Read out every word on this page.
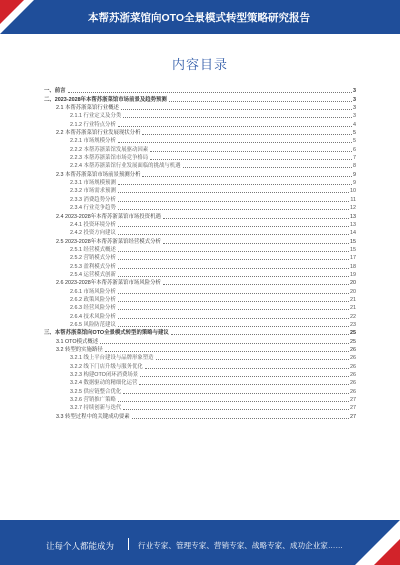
本帮苏浙菜馆向OTO全景模式转型策略研究报告
内容目录
一、前言	3
二、2023-2028年本帮苏浙菜馆市场前景及趋势预测	3
2.1 本帮苏浙菜馆行业概述	3
2.1.1 行业定义及分类	3
2.1.2 行业特点分析	4
2.2 本帮苏浙菜馆行业发展现状分析	5
2.2.1 市场规模分析	5
2.2.2 本帮苏浙菜馆发展驱动因素	6
2.2.3 本帮苏浙菜馆市场竞争格局	7
2.2.4 本帮苏浙菜馆行业发展面临的挑战与机遇	8
2.3 本帮苏浙菜馆市场前景预测分析	9
2.3.1 市场规模预测	9
2.3.2 市场需求预测	10
2.3.3 消费趋势分析	11
2.3.4 行业竞争趋势	12
2.4 2023-2028年本帮苏浙菜馆市场投资机遇	13
2.4.1 投资环境分析	13
2.4.2 投资方向建议	14
2.5 2023-2028年本帮苏浙菜馆经营模式分析	15
2.5.1 经营模式概述	15
2.5.2 营销模式分析	17
2.5.3 盈利模式分析	18
2.5.4 运营模式创新	19
2.6 2023-2028年本帮苏浙菜馆市场风险分析	20
2.6.1 市场风险分析	20
2.6.2 政策风险分析	21
2.6.3 经营风险分析	21
2.6.4 技术风险分析	22
2.6.5 风险防范建议	23
三、本帮苏浙菜馆向OTO全景模式转型的策略与建议	25
3.1 OTO模式概述	25
3.2 转型的实施路径	26
3.2.1 线上平台建设与品牌形象塑造	26
3.2.2 线下门店升级与服务优化	26
3.2.3 构建OTO闭环消费场景	26
3.2.4 数据驱动的精细化运营	26
3.2.5 供应链整合优化	26
3.2.6 营销推广策略	27
3.2.7 持续创新与迭代	27
3.3 转型过程中的关键成功要素	27
让每个人都能成为	行业专家、管理专家、营销专家、战略专家、成功企业家……
